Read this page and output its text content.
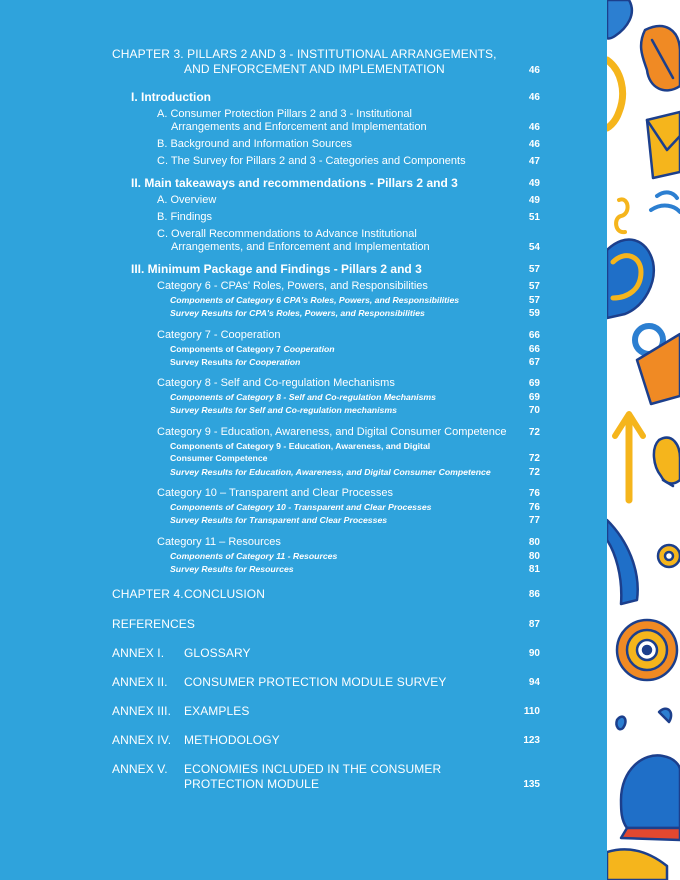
CHAPTER 3. PILLARS 2 AND 3 - INSTITUTIONAL ARRANGEMENTS,
AND ENFORCEMENT AND IMPLEMENTATION	46
I. Introduction	46
A. Consumer Protection Pillars 2 and 3 - Institutional
Arrangements and Enforcement and Implementation	46
B. Background and Information Sources	46
C. The Survey for Pillars 2 and 3 - Categories and Components	47
II. Main takeaways and recommendations - Pillars 2 and 3	49
A. Overview	49
B. Findings	51
C. Overall Recommendations to Advance Institutional
Arrangements, and Enforcement and Implementation	54
III. Minimum Package and Findings - Pillars 2 and 3	57
Category 6 - CPAs' Roles, Powers, and Responsibilities	57
Components of Category 6 CPA's Roles, Powers, and Responsibilities	57
Survey Results for CPA's Roles, Powers, and Responsibilities	59
Category 7 - Cooperation	66
Components of Category 7 Cooperation	66
Survey Results for Cooperation	67
Category 8 - Self and Co-regulation Mechanisms	69
Components of Category 8 - Self and Co-regulation Mechanisms	69
Survey Results for Self and Co-regulation mechanisms	70
Category 9 - Education, Awareness, and Digital Consumer Competence 72
Components of Category 9 - Education, Awareness, and Digital
Consumer Competence	72
Survey Results for Education, Awareness, and Digital Consumer Competence	72
Category 10 – Transparent and Clear Processes	76
Components of Category 10 - Transparent and Clear Processes	76
Survey Results for Transparent and Clear Processes	77
Category 11 – Resources	80
Components of Category 11 - Resources	80
Survey Results for Resources	81
CHAPTER 4. CONCLUSION	86
REFERENCES	87
ANNEX I. GLOSSARY	90
ANNEX II. CONSUMER PROTECTION MODULE SURVEY	94
ANNEX III. EXAMPLES	110
ANNEX IV. METHODOLOGY	123
ANNEX V. ECONOMIES INCLUDED IN THE CONSUMER
PROTECTION MODULE	135
